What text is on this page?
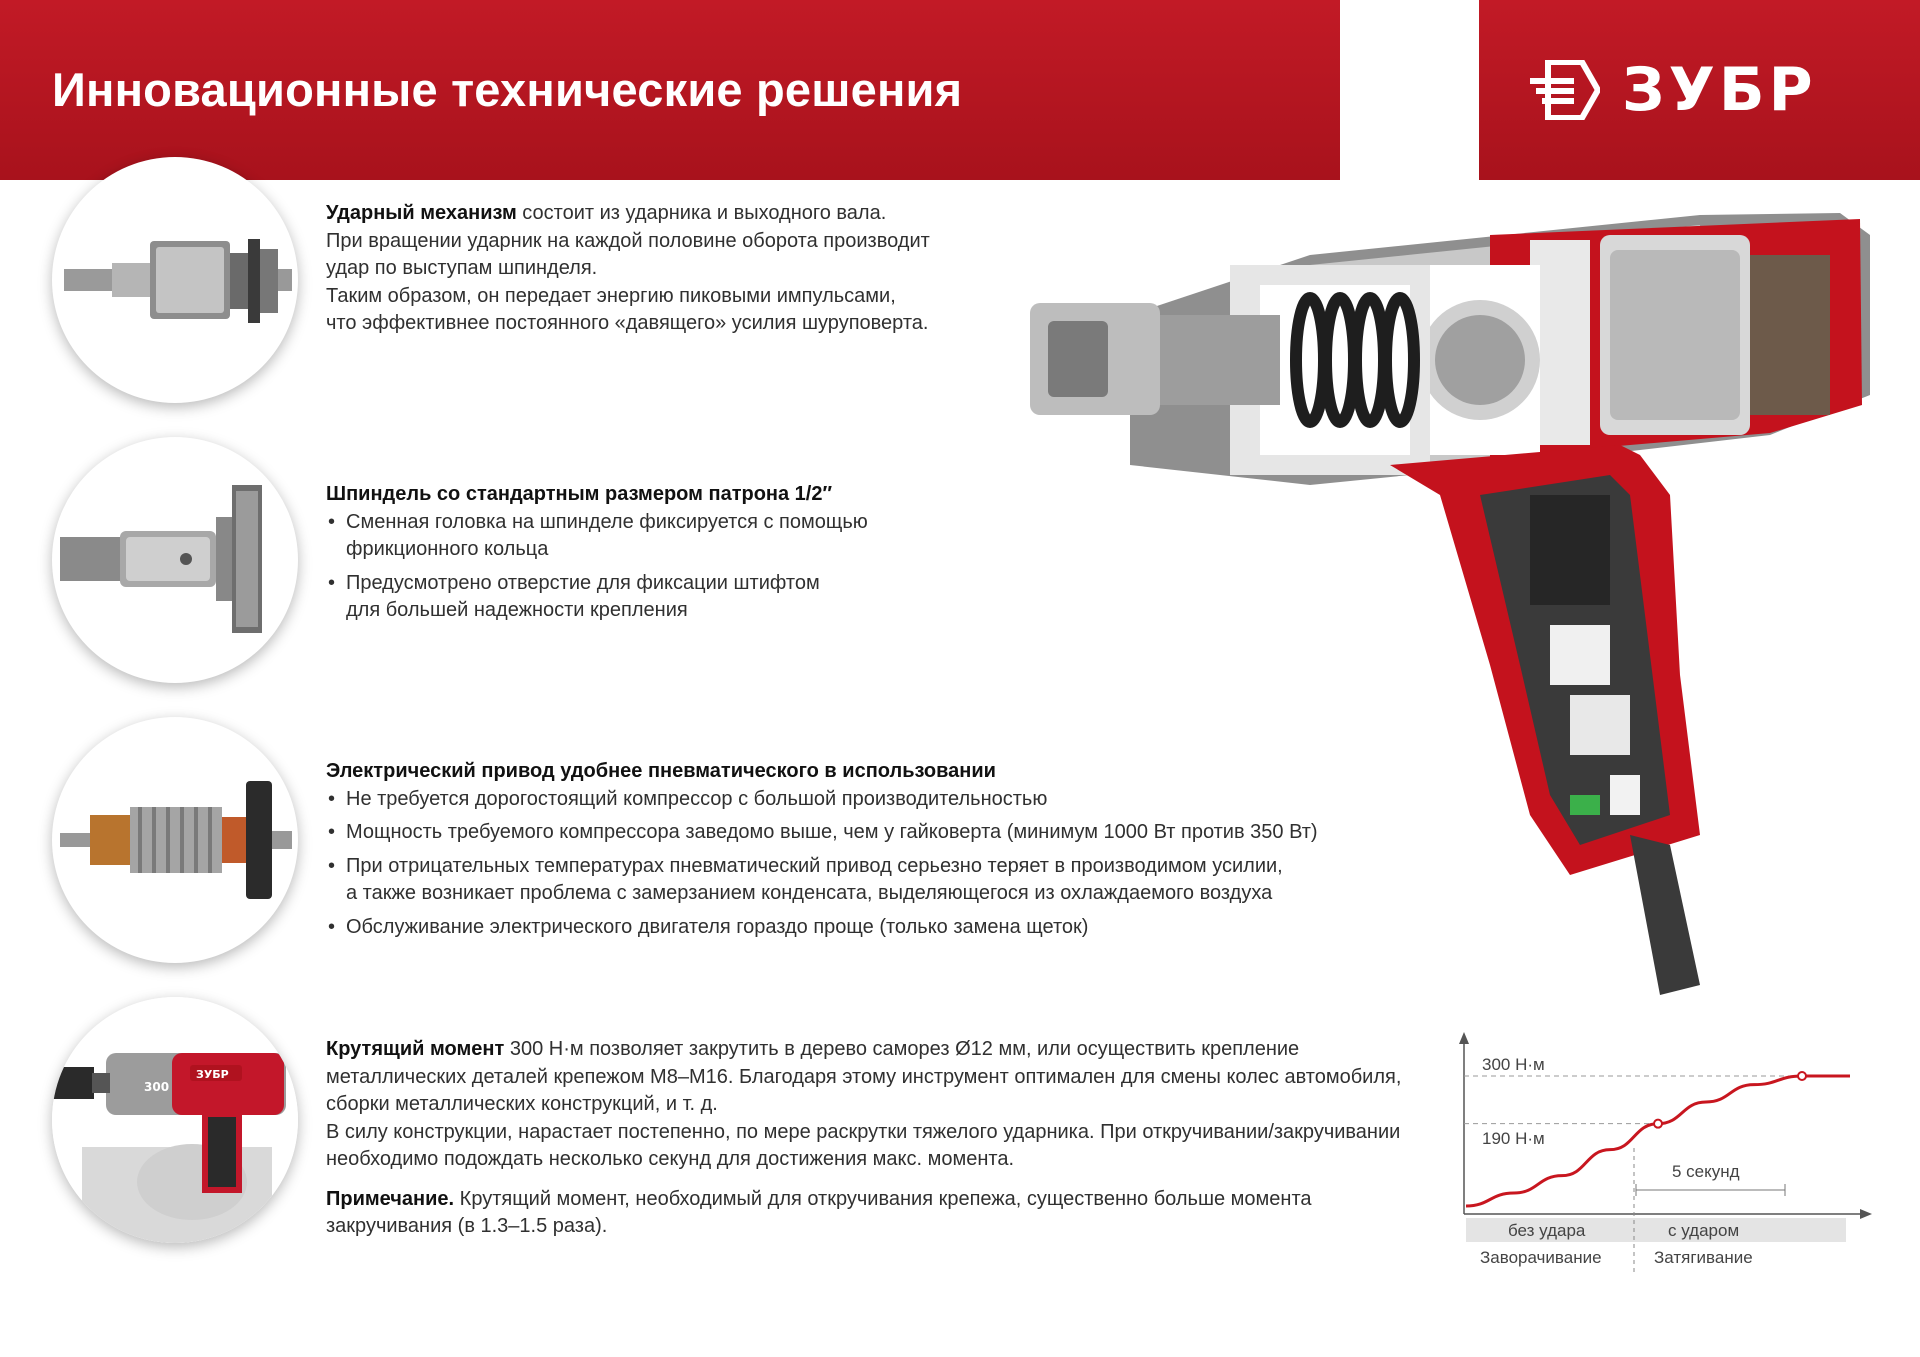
Инновационные технические решения	ЗУБР
ЗУБР
300

Ударный механизм состоит из ударника и выходного вала.

При вращении ударник на каждой половине оборота производит

удар по выступам шпинделя.

Таким образом, он передает энергию пиковыми импульсами,

что эффективнее постоянного «давящего» усилия шуруповерта.

Шпиндель со стандартным размером патрона 1/2″

• Сменная головка на шпинделе фиксируется с помощью
фрикционного кольца
• Предусмотрено отверстие для фиксации штифтом
для большей надежности крепления

Электрический привод удобнее пневматического в использовании

• Не требуется дорогостоящий компрессор с большой производительностью
• Мощность требуемого компрессора заведомо выше, чем у гайковерта (минимум 1000 Вт против 350 Вт)
• При отрицательных температурах пневматический привод серьезно теряет в производимом усилии,
а также возникает проблема с замерзанием конденсата, выделяющегося из охлаждаемого воздуха
• Обслуживание электрического двигателя гораздо проще (только замена щеток)

Крутящий момент 300 Н·м позволяет закрутить в дерево саморез Ø12 мм, или осуществить крепление

металлических деталей крепежом М8–М16. Благодаря этому инструмент оптимален для смены колес автомобиля,

сборки металлических конструкций, и т. д.

В силу конструкции, нарастает постепенно, по мере раскрутки тяжелого ударника. При откручивании/закручивании

необходимо подождать несколько секунд для достижения макс. момента.

Примечание. Крутящий момент, необходимый для откручивания крепежа, существенно больше момента

закручивания (в 1.3–1.5 раза).

300 Н·м
190 Н·м
5 секунд
без удара	с ударом
Заворачивание	Затягивание
